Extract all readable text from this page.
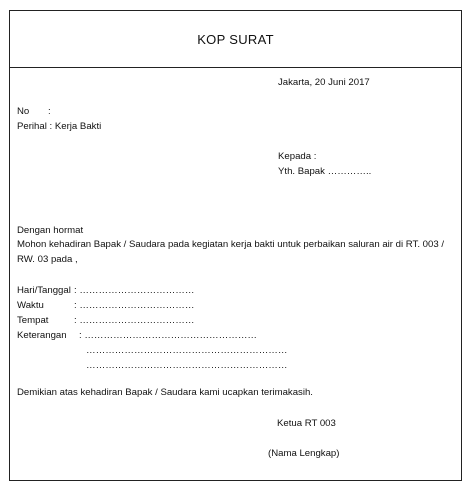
KOP SURAT
Jakarta, 20 Juni 2017
No :
Perihal : Kerja Bakti
Kepada :
Yth. Bapak …………..
Dengan hormat
Mohon kehadiran Bapak / Saudara pada kegiatan kerja bakti untuk perbaikan saluran air di RT. 003 /
RW. 03 pada ,
Hari/Tanggal : ………………………………
Waktu	: ………………………………
Tempat	: ………………………………
Keterangan	: ………………………………………………
………………………………………………………
………………………………………………………
Demikian atas kehadiran Bapak / Saudara kami ucapkan terimakasih.
Ketua RT 003
(Nama Lengkap)
